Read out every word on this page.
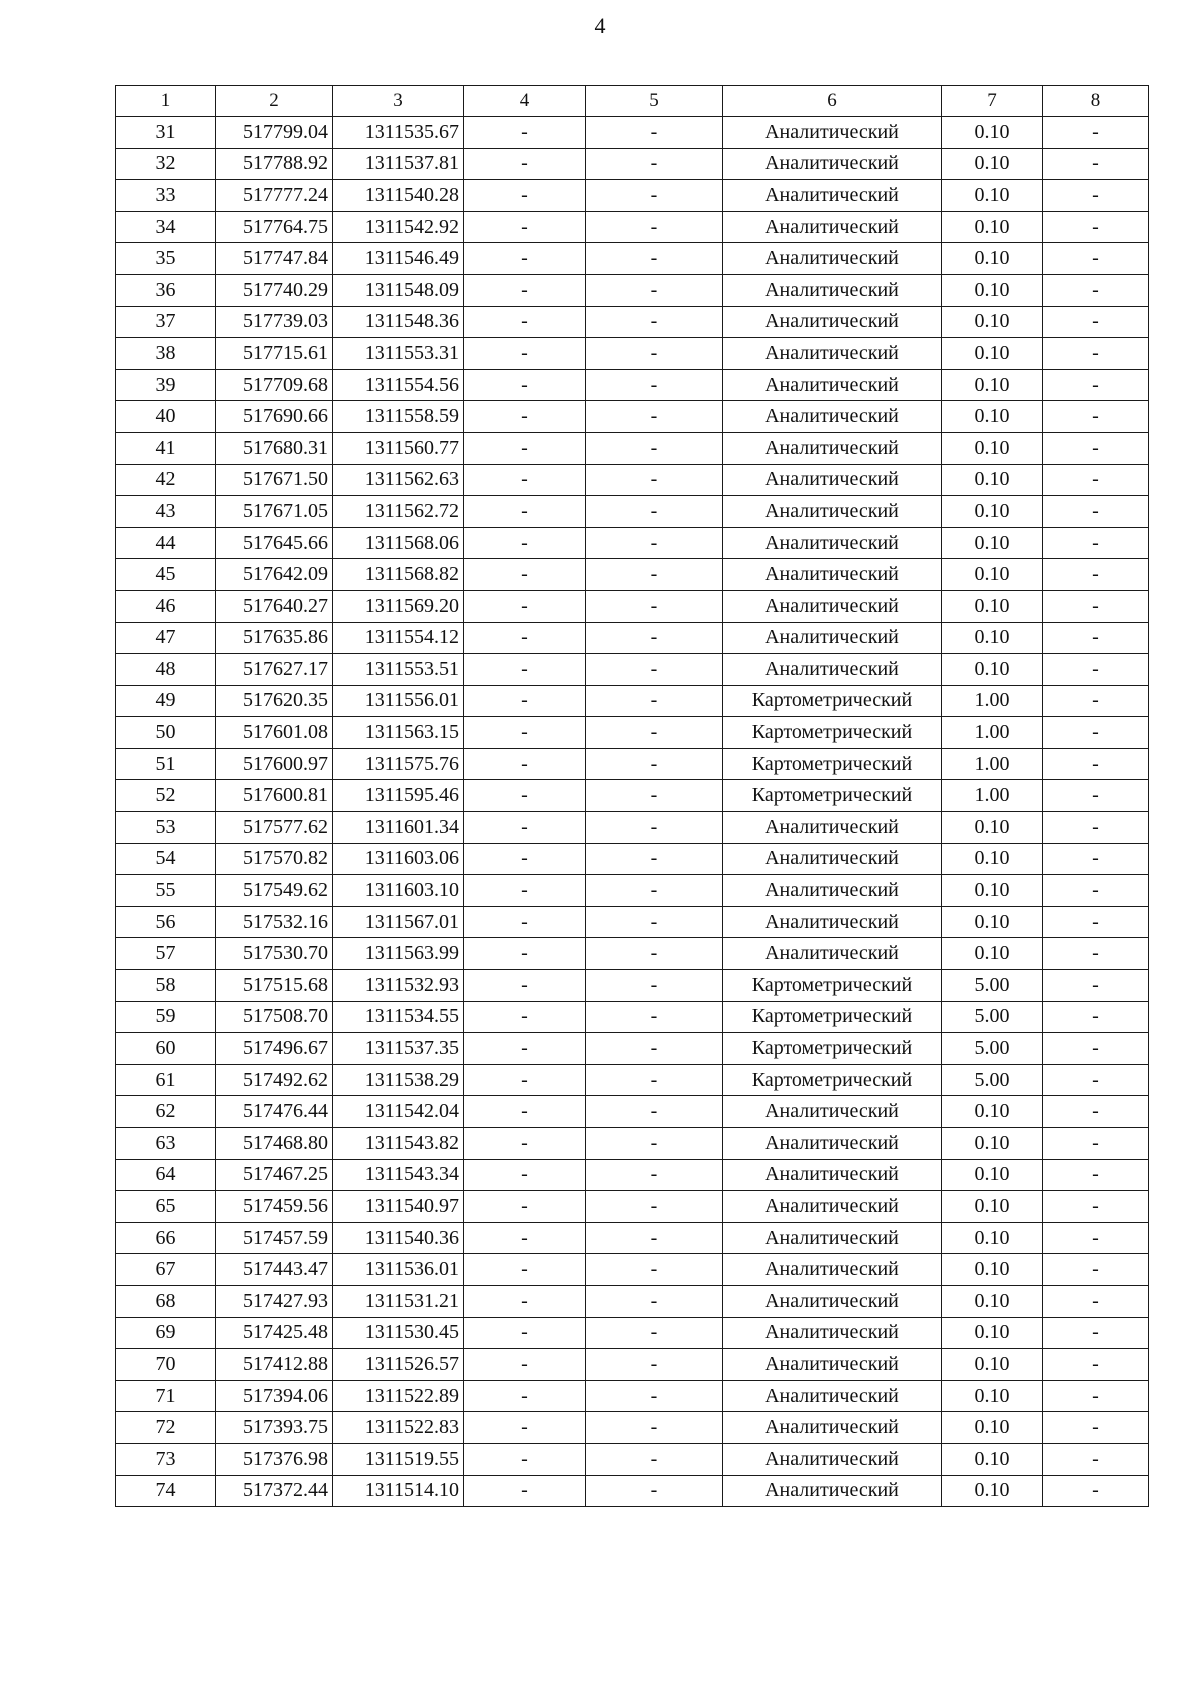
4
1	2	3	4	5	6	7	8
31	517799.04	1311535.67	-	-	Аналитический	0.10	-
32	517788.92	1311537.81	-	-	Аналитический	0.10	-
33	517777.24	1311540.28	-	-	Аналитический	0.10	-
34	517764.75	1311542.92	-	-	Аналитический	0.10	-
35	517747.84	1311546.49	-	-	Аналитический	0.10	-
36	517740.29	1311548.09	-	-	Аналитический	0.10	-
37	517739.03	1311548.36	-	-	Аналитический	0.10	-
38	517715.61	1311553.31	-	-	Аналитический	0.10	-
39	517709.68	1311554.56	-	-	Аналитический	0.10	-
40	517690.66	1311558.59	-	-	Аналитический	0.10	-
41	517680.31	1311560.77	-	-	Аналитический	0.10	-
42	517671.50	1311562.63	-	-	Аналитический	0.10	-
43	517671.05	1311562.72	-	-	Аналитический	0.10	-
44	517645.66	1311568.06	-	-	Аналитический	0.10	-
45	517642.09	1311568.82	-	-	Аналитический	0.10	-
46	517640.27	1311569.20	-	-	Аналитический	0.10	-
47	517635.86	1311554.12	-	-	Аналитический	0.10	-
48	517627.17	1311553.51	-	-	Аналитический	0.10	-
49	517620.35	1311556.01	-	-	Картометрический	1.00	-
50	517601.08	1311563.15	-	-	Картометрический	1.00	-
51	517600.97	1311575.76	-	-	Картометрический	1.00	-
52	517600.81	1311595.46	-	-	Картометрический	1.00	-
53	517577.62	1311601.34	-	-	Аналитический	0.10	-
54	517570.82	1311603.06	-	-	Аналитический	0.10	-
55	517549.62	1311603.10	-	-	Аналитический	0.10	-
56	517532.16	1311567.01	-	-	Аналитический	0.10	-
57	517530.70	1311563.99	-	-	Аналитический	0.10	-
58	517515.68	1311532.93	-	-	Картометрический	5.00	-
59	517508.70	1311534.55	-	-	Картометрический	5.00	-
60	517496.67	1311537.35	-	-	Картометрический	5.00	-
61	517492.62	1311538.29	-	-	Картометрический	5.00	-
62	517476.44	1311542.04	-	-	Аналитический	0.10	-
63	517468.80	1311543.82	-	-	Аналитический	0.10	-
64	517467.25	1311543.34	-	-	Аналитический	0.10	-
65	517459.56	1311540.97	-	-	Аналитический	0.10	-
66	517457.59	1311540.36	-	-	Аналитический	0.10	-
67	517443.47	1311536.01	-	-	Аналитический	0.10	-
68	517427.93	1311531.21	-	-	Аналитический	0.10	-
69	517425.48	1311530.45	-	-	Аналитический	0.10	-
70	517412.88	1311526.57	-	-	Аналитический	0.10	-
71	517394.06	1311522.89	-	-	Аналитический	0.10	-
72	517393.75	1311522.83	-	-	Аналитический	0.10	-
73	517376.98	1311519.55	-	-	Аналитический	0.10	-
74	517372.44	1311514.10	-	-	Аналитический	0.10	-
